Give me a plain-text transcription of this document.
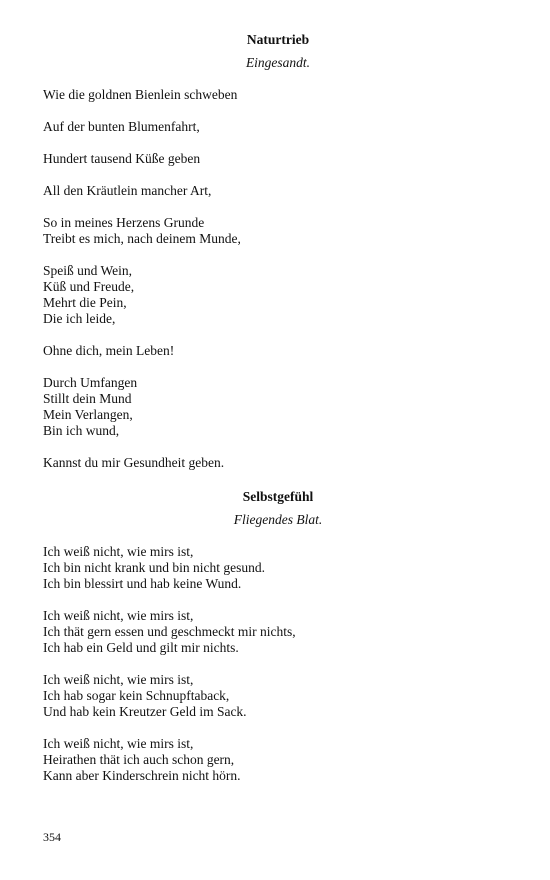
Naturtrieb

Eingesandt.

Wie die goldnen Bienlein schweben
Auf der bunten Blumenfahrt,
Hundert tausend Küße geben
All den Kräutlein mancher Art,
So in meines Herzens Grunde
Treibt es mich, nach deinem Munde,
Speiß und Wein,
Küß und Freude,
Mehrt die Pein,
Die ich leide,
Ohne dich, mein Leben!
Durch Umfangen
Stillt dein Mund
Mein Verlangen,
Bin ich wund,
Kannst du mir Gesundheit geben.

Selbstgefühl

Fliegendes Blat.

Ich weiß nicht, wie mirs ist,
Ich bin nicht krank und bin nicht gesund.
Ich bin blessirt und hab keine Wund.
Ich weiß nicht, wie mirs ist,
Ich thät gern essen und geschmeckt mir nichts,
Ich hab ein Geld und gilt mir nichts.
Ich weiß nicht, wie mirs ist,
Ich hab sogar kein Schnupftaback,
Und hab kein Kreutzer Geld im Sack.
Ich weiß nicht, wie mirs ist,
Heirathen thät ich auch schon gern,
Kann aber Kinderschrein nicht hörn.
354
